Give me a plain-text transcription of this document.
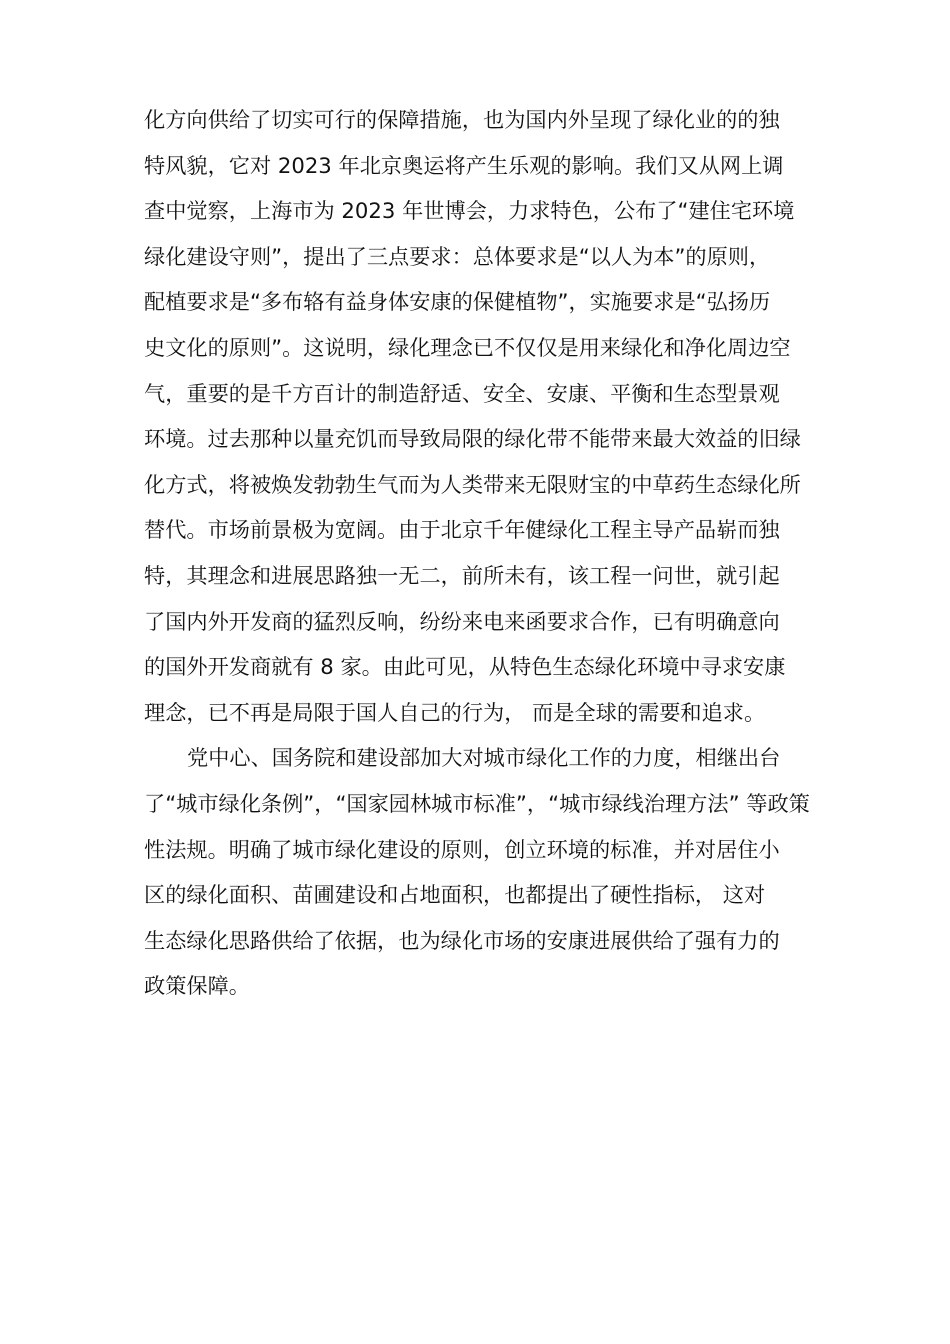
化方向供给了切实可行的保障措施，也为国内外呈现了绿化业的的独
特风貌，它对 2023 年北京奥运将产生乐观的影响。我们又从网上调
查中觉察，上海市为 2023 年世博会，力求特色，公布了“建住宅环境
绿化建设守则”，提出了三点要求：总体要求是“以人为本”的原则，
配植要求是“多布辂有益身体安康的保健植物”，实施要求是“弘扬历
史文化的原则”。这说明，绿化理念已不仅仅是用来绿化和净化周边空
气，重要的是千方百计的制造舒适、安全、安康、平衡和生态型景观
环境。过去那种以量充饥而导致局限的绿化带不能带来最大效益的旧绿
化方式，将被焕发勃勃生气而为人类带来无限财宝的中草药生态绿化所
替代。市场前景极为宽阔。由于北京千年健绿化工程主导产品崭而独
特，其理念和进展思路独一无二，前所未有，该工程一问世，就引起
了国内外开发商的猛烈反响，纷纷来电来函要求合作，已有明确意向
的国外开发商就有 8 家。由此可见，从特色生态绿化环境中寻求安康
理念，已不再是局限于国人自己的行为， 而是全球的需要和追求。
党中心、国务院和建设部加大对城市绿化工作的力度，相继出台
了“城市绿化条例”，“国家园林城市标准”，“城市绿线治理方法” 等政策
性法规。明确了城市绿化建设的原则，创立环境的标准，并对居住小
区的绿化面积、苗圃建设和占地面积，也都提出了硬性指标， 这对
生态绿化思路供给了依据，也为绿化市场的安康进展供给了强有力的
政策保障。
